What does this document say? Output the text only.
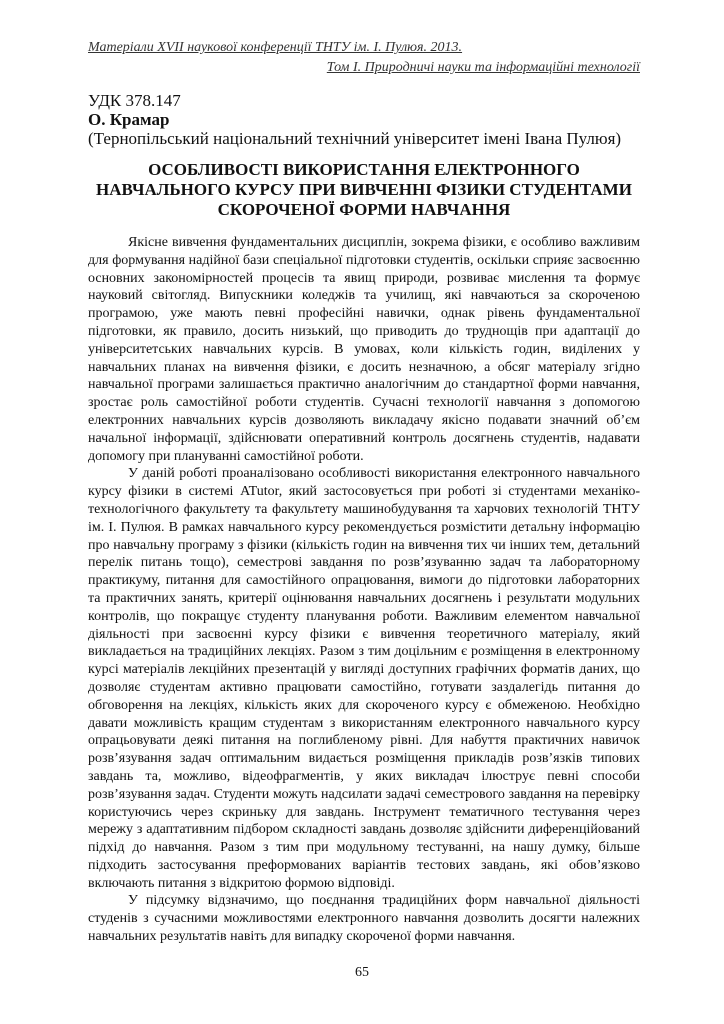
Матеріали XVІІ наукової конференції ТНТУ ім. І. Пулюя. 2013.
Том І. Природничі науки та інформаційні технології
УДК 378.147
О. Крамар
(Тернопільський національний технічний університет імені Івана Пулюя)
ОСОБЛИВОСТІ ВИКОРИСТАННЯ ЕЛЕКТРОННОГО
НАВЧАЛЬНОГО КУРСУ ПРИ ВИВЧЕННІ ФІЗИКИ СТУДЕНТАМИ
СКОРОЧЕНОЇ ФОРМИ НАВЧАННЯ

Якісне вивчення фундаментальних дисциплін, зокрема фізики, є особливо важливим для формування надійної бази спеціальної підготовки студентів, оскільки сприяє засвоєнню основних закономірностей процесів та явищ природи, розвиває мислення та формує науковий світогляд. Випускники коледжів та училищ, які навчаються за скороченою програмою, уже мають певні професійні навички, однак рівень фундаментальної підготовки, як правило, досить низький, що приводить до труднощів при адаптації до університетських навчальних курсів. В умовах, коли кількість годин, виділених у навчальних планах на вивчення фізики, є досить незначною, а обсяг матеріалу згідно навчальної програми залишається практично аналогічним до стандартної форми навчання, зростає роль самостійної роботи студентів. Сучасні технології навчання з допомогою електронних навчальних курсів дозволяють викладачу якісно подавати значний об’єм начальної інформації, здійснювати оперативний контроль досягнень студентів, надавати допомогу при плануванні самостійної роботи.

У даній роботі проаналізовано особливості використання електронного навчального курсу фізики в системі ATutor, який застосовується при роботі зі студентами механіко-технологічного факультету та факультету машинобудування та харчових технологій ТНТУ ім. І. Пулюя. В рамках навчального курсу рекомендується розмістити детальну інформацію про навчальну програму з фізики (кількість годин на вивчення тих чи інших тем, детальний перелік питань тощо), семестрові завдання по розв’язуванню задач та лабораторному практикуму, питання для самостійного опрацювання, вимоги до підготовки лабораторних та практичних занять, критерії оцінювання навчальних досягнень і результати модульних контролів, що покращує студенту планування роботи. Важливим елементом навчальної діяльності при засвоєнні курсу фізики є вивчення теоретичного матеріалу, який викладається на традиційних лекціях. Разом з тим доцільним є розміщення в електронному курсі матеріалів лекційних презентацій у вигляді доступних графічних форматів даних, що дозволяє студентам активно працювати самостійно, готувати заздалегідь питання до обговорення на лекціях, кількість яких для скороченого курсу є обмеженою. Необхідно давати можливість кращим студентам з використанням електронного навчального курсу опрацьовувати деякі питання на поглибленому рівні. Для набуття практичних навичок розв’язування задач оптимальним видається розміщення прикладів розв’язків типових завдань та, можливо, відеофрагментів, у яких викладач ілюструє певні способи розв’язування задач. Студенти можуть надсилати задачі семестрового завдання на перевірку користуючись через скриньку для завдань. Інструмент тематичного тестування через мережу з адаптативним підбором складності завдань дозволяє здійснити диференційований підхід до навчання. Разом з тим при модульному тестуванні, на нашу думку, більше підходить застосування преформованих варіантів тестових завдань, які обов’язково включають питання з відкритою формою відповіді.

У підсумку відзначимо, що поєднання традиційних форм навчальної діяльності студенів з сучасними можливостями електронного навчання дозволить досягти належних навчальних результатів навіть для випадку скороченої форми навчання.

65
